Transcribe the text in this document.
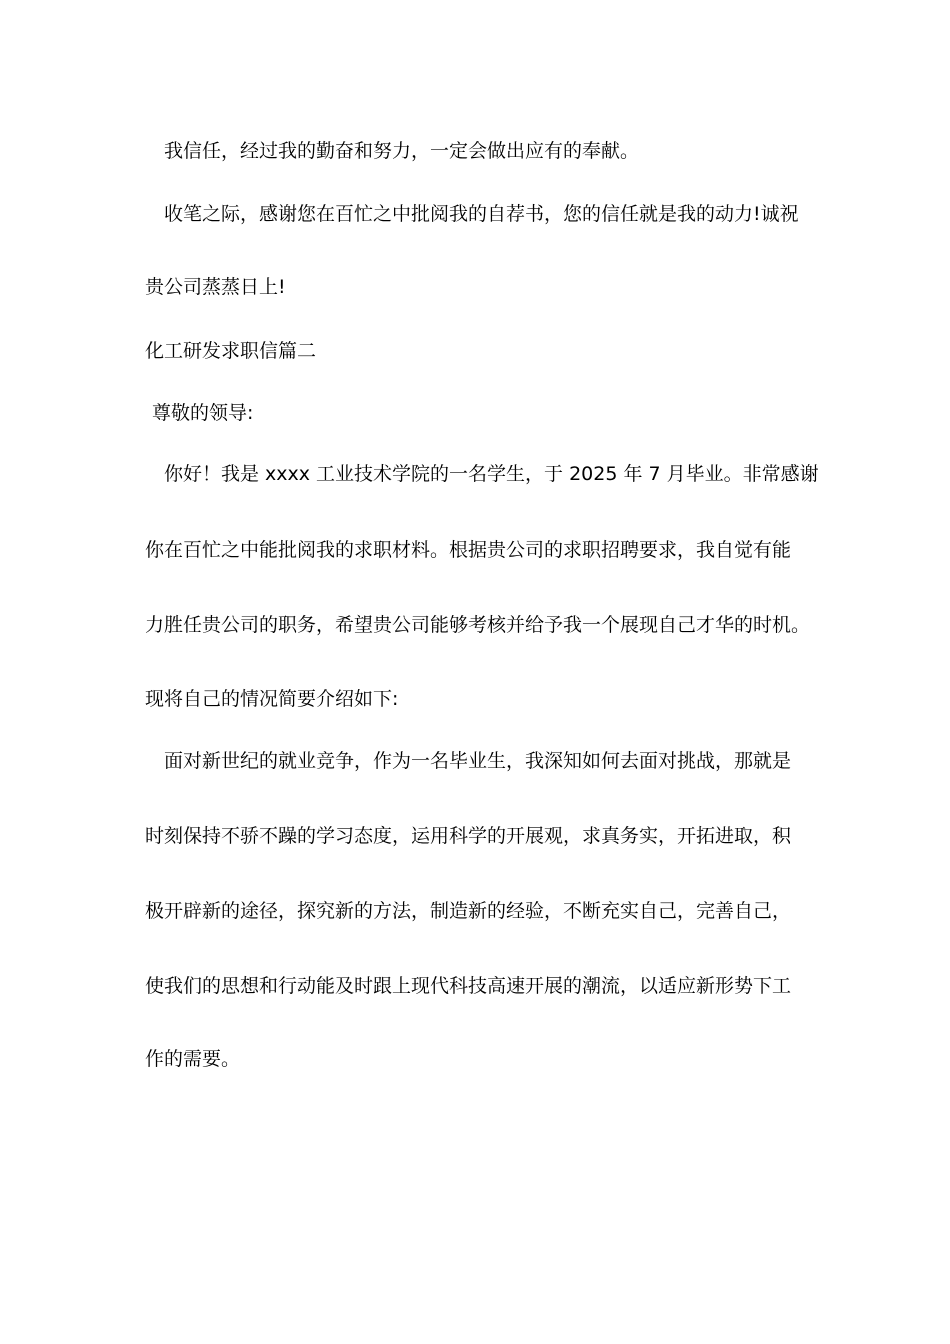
我信任，经过我的勤奋和努力，一定会做出应有的奉献。
收笔之际，感谢您在百忙之中批阅我的自荐书，您的信任就是我的动力!诚祝
贵公司蒸蒸日上!
化工研发求职信篇二
尊敬的领导:
你好！我是 xxxx 工业技术学院的一名学生，于 2025 年 7 月毕业。非常感谢
你在百忙之中能批阅我的求职材料。根据贵公司的求职招聘要求，我自觉有能
力胜任贵公司的职务，希望贵公司能够考核并给予我一个展现自己才华的时机。
现将自己的情况简要介绍如下:
面对新世纪的就业竞争，作为一名毕业生，我深知如何去面对挑战，那就是
时刻保持不骄不躁的学习态度，运用科学的开展观，求真务实，开拓进取，积
极开辟新的途径，探究新的方法，制造新的经验，不断充实自己，完善自己，
使我们的思想和行动能及时跟上现代科技高速开展的潮流，以适应新形势下工
作的需要。
